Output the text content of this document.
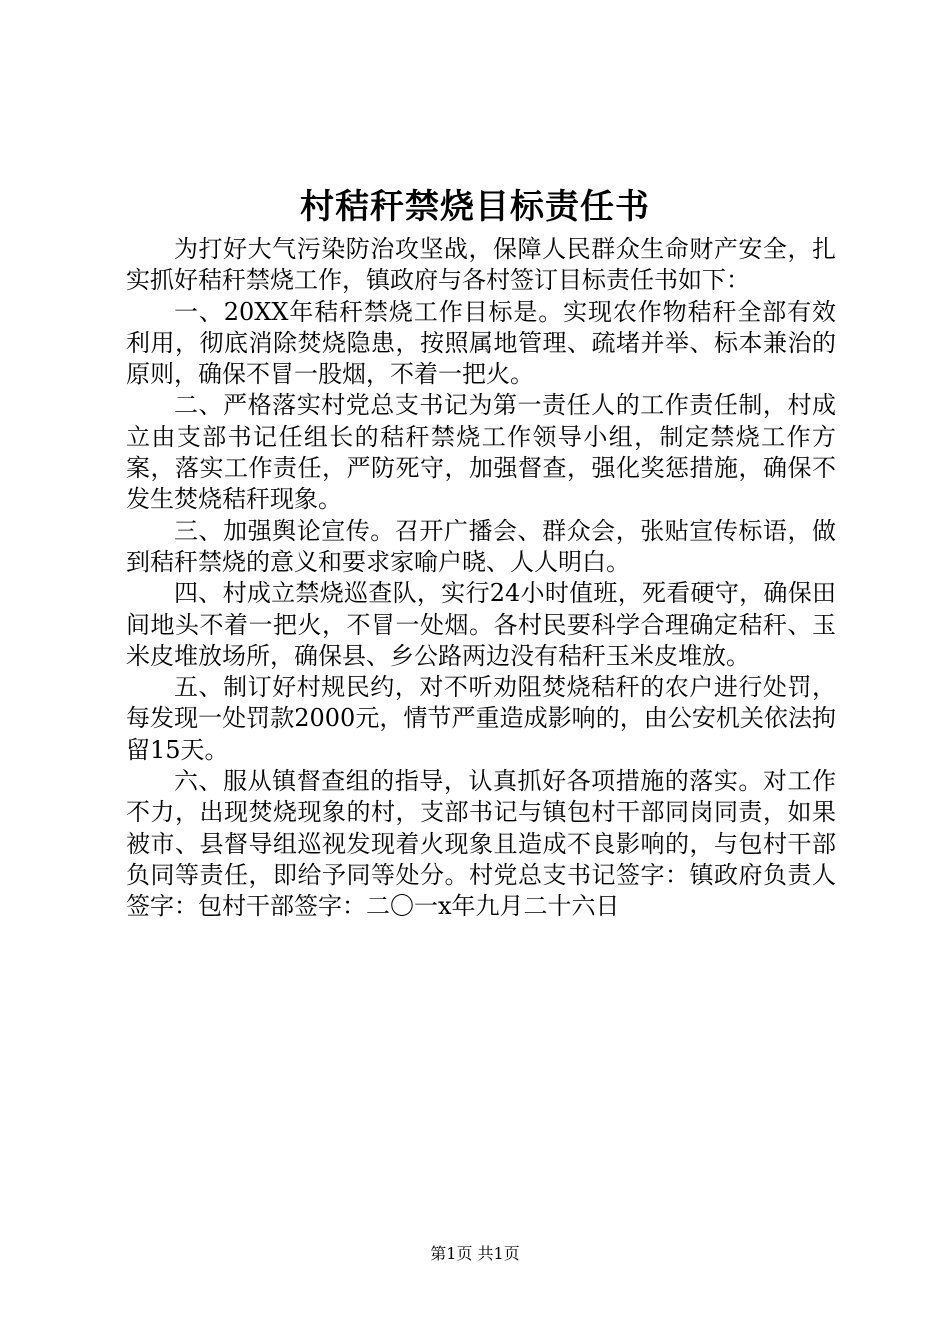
村秸秆禁烧目标责任书

为打好大气污染防治攻坚战，保障人民群众生命财产安全，扎实抓好秸秆禁烧工作，镇政府与各村签订目标责任书如下：

一、20XX年秸秆禁烧工作目标是。实现农作物秸秆全部有效利用，彻底消除焚烧隐患，按照属地管理、疏堵并举、标本兼治的原则，确保不冒一股烟，不着一把火。

二、严格落实村党总支书记为第一责任人的工作责任制，村成立由支部书记任组长的秸秆禁烧工作领导小组，制定禁烧工作方案，落实工作责任，严防死守，加强督查，强化奖惩措施，确保不发生焚烧秸秆现象。

三、加强舆论宣传。召开广播会、群众会，张贴宣传标语，做到秸秆禁烧的意义和要求家喻户晓、人人明白。

四、村成立禁烧巡查队，实行24小时值班，死看硬守，确保田间地头不着一把火，不冒一处烟。各村民要科学合理确定秸秆、玉米皮堆放场所，确保县、乡公路两边没有秸秆玉米皮堆放。

五、制订好村规民约，对不听劝阻焚烧秸秆的农户进行处罚，每发现一处罚款2000元，情节严重造成影响的，由公安机关依法拘留15天。

六、服从镇督查组的指导，认真抓好各项措施的落实。对工作不力，出现焚烧现象的村，支部书记与镇包村干部同岗同责，如果被市、县督导组巡视发现着火现象且造成不良影响的，与包村干部负同等责任，即给予同等处分。村党总支书记签字：镇政府负责人签字：包村干部签字：二〇一x年九月二十六日

第1页 共1页
